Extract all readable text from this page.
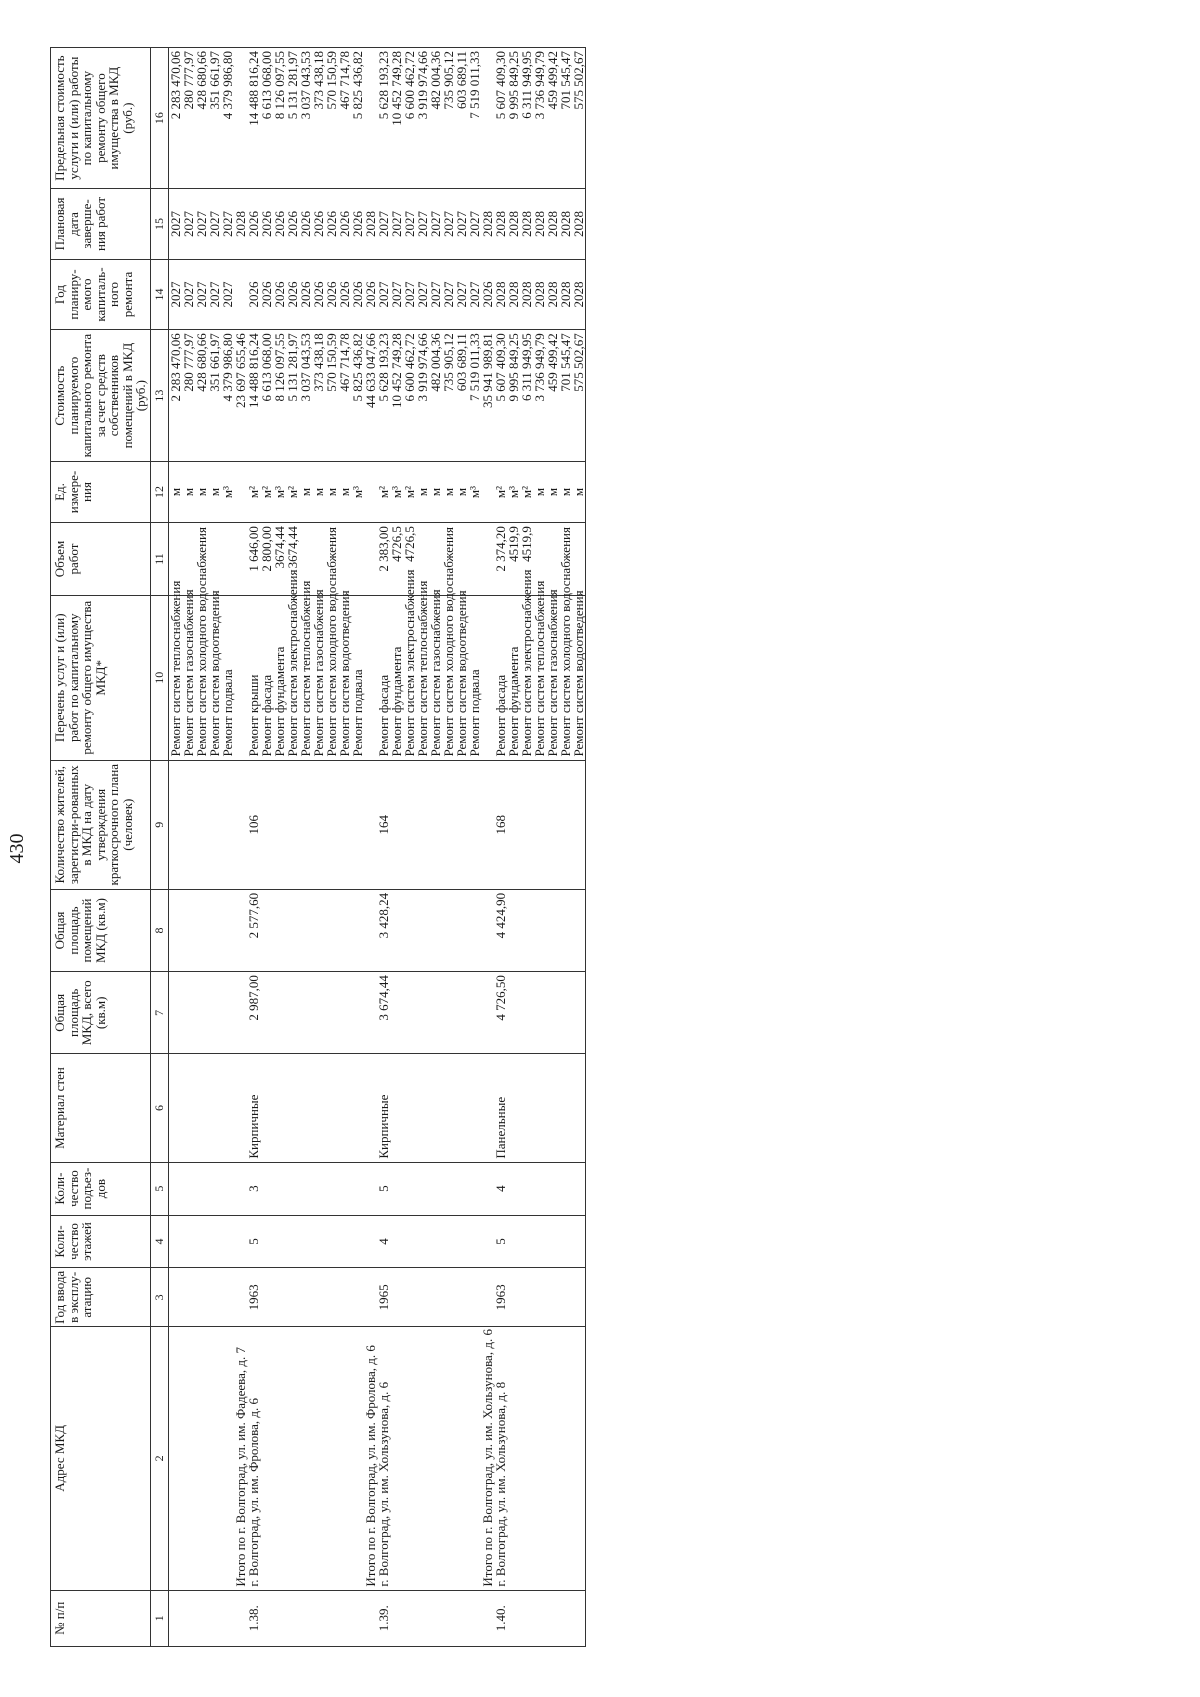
430
№ п/п	Адрес МКД	Год ввода в эксплу-атацию	Коли-чество этажей	Коли-чество подъез-дов	Материал стен	Общая площадь МКД, всего (кв.м)	Общая площадь помещений МКД (кв.м)	Количество жителей, зарегистри-рованных в МКД на дату утверждения краткосрочного плана (человек)	Перечень услуг и (или) работ по капитальному ремонту общего имущества МКД*	Объем работ	Ед. измере-ния	Стоимость планируемого капитального ремонта за счет средств собственников помещений в МКД (руб.)	Год планиру-емого капиталь-ного ремонта	Плановая дата заверше-ния работ	Предельная стоимость услуги и (или) работы по капитальному ремонту общего имущества в МКД (руб.)
1	2	3	4	5	6	7	8	9	10	11	12	13	14	15	16
									Ремонт систем теплоснабжения		м	2 283 470,06	2027	2027	2 283 470,06
									Ремонт систем газоснабжения		м	280 777,97	2027	2027	280 777,97
									Ремонт систем холодного водоснабжения		м	428 680,66	2027	2027	428 680,66
									Ремонт систем водоотведения		м	351 661,97	2027	2027	351 661,97
									Ремонт подвала		м³	4 379 986,80	2027	2027	4 379 986,80
	Итого по г. Волгоград, ул. им. Фадеева, д. 7											23 697 655,46		2028	
1.38.	г. Волгоград, ул. им. Фролова, д. 6	1963	5	3	Кирпичные	2 987,00	2 577,60	106	Ремонт крыши	1 646,00	м²	14 488 816,24	2026	2026	14 488 816,24
									Ремонт фасада	2 800,00	м²	6 613 068,00	2026	2026	6 613 068,00
									Ремонт фундамента	3674,44	м³	8 126 097,55	2026	2026	8 126 097,55
									Ремонт систем электроснабжения	3674,44	м²	5 131 281,97	2026	2026	5 131 281,97
									Ремонт систем теплоснабжения		м	3 037 043,53	2026	2026	3 037 043,53
									Ремонт систем газоснабжения		м	373 438,18	2026	2026	373 438,18
									Ремонт систем холодного водоснабжения		м	570 150,59	2026	2026	570 150,59
									Ремонт систем водоотведения		м	467 714,78	2026	2026	467 714,78
									Ремонт подвала		м³	5 825 436,82	2026	2026	5 825 436,82
	Итого по г. Волгоград, ул. им. Фролова, д. 6											44 633 047,66	2026	2028	
1.39.	г. Волгоград, ул. им. Хользунова, д. 6	1965	4	5	Кирпичные	3 674,44	3 428,24	164	Ремонт фасада	2 383,00	м²	5 628 193,23	2027	2027	5 628 193,23
									Ремонт фундамента	4726,5	м³	10 452 749,28	2027	2027	10 452 749,28
									Ремонт систем электроснабжения	4726,5	м²	6 600 462,72	2027	2027	6 600 462,72
									Ремонт систем теплоснабжения		м	3 919 974,66	2027	2027	3 919 974,66
									Ремонт систем газоснабжения		м	482 004,36	2027	2027	482 004,36
									Ремонт систем холодного водоснабжения		м	735 905,12	2027	2027	735 905,12
									Ремонт систем водоотведения		м	603 689,11	2027	2027	603 689,11
									Ремонт подвала		м³	7 519 011,33	2027	2027	7 519 011,33
	Итого по г. Волгоград, ул. им. Хользунова, д. 6											35 941 989,81	2026	2028	
1.40.	г. Волгоград, ул. им. Хользунова, д. 8	1963	5	4	Панельные	4 726,50	4 424,90	168	Ремонт фасада	2 374,20	м²	5 607 409,30	2028	2028	5 607 409,30
									Ремонт фундамента	4519,9	м³	9 995 849,25	2028	2028	9 995 849,25
									Ремонт систем электроснабжения	4519,9	м²	6 311 949,95	2028	2028	6 311 949,95
									Ремонт систем теплоснабжения		м	3 736 949,79	2028	2028	3 736 949,79
									Ремонт систем газоснабжения		м	459 499,42	2028	2028	459 499,42
									Ремонт систем холодного водоснабжения		м	701 545,47	2028	2028	701 545,47
									Ремонт систем водоотведения		м	575 502,67	2028	2028	575 502,67
